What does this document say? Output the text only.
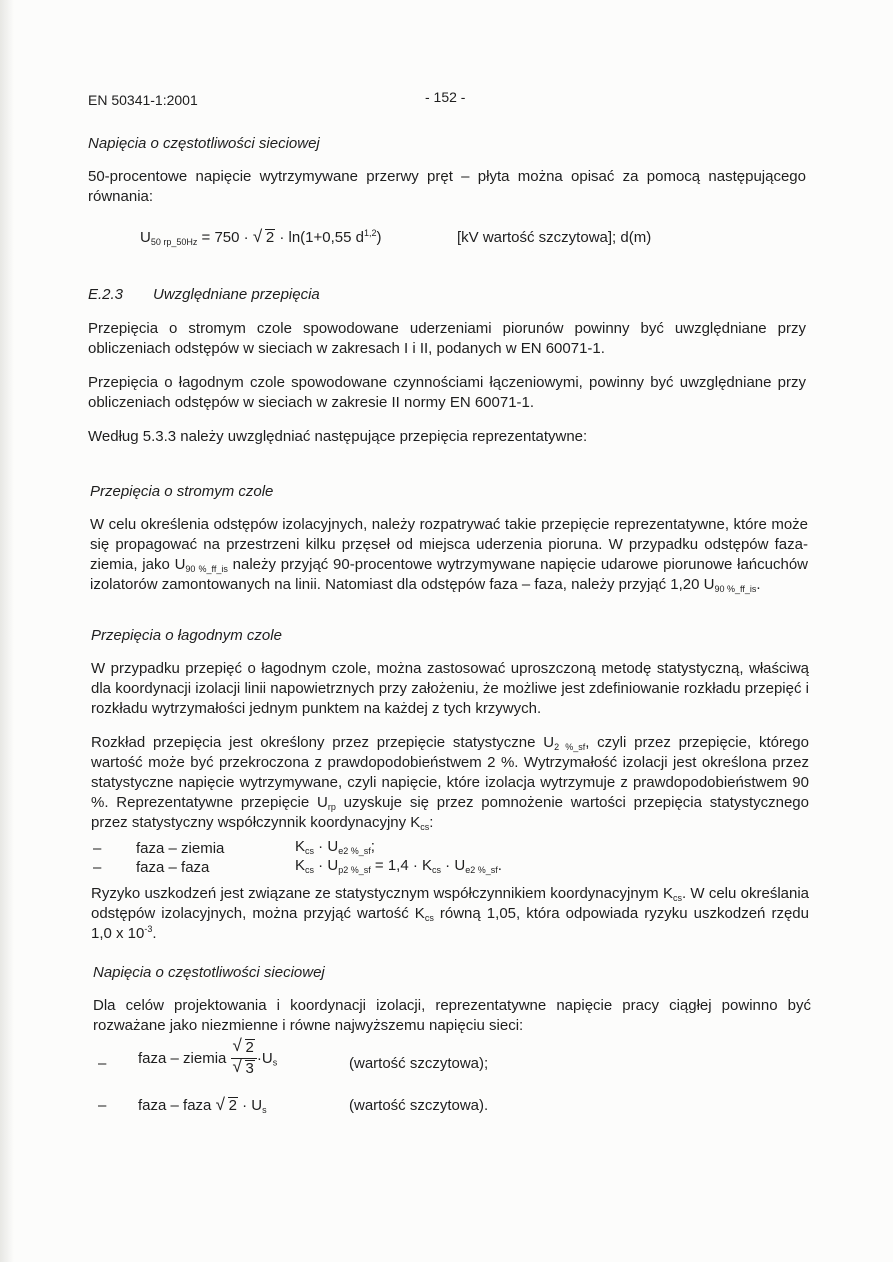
EN 50341-1:2001	- 152 -
Napięcia o częstotliwości sieciowej

50-procentowe napięcie wytrzymywane przerwy pręt – płyta można opisać za pomocą następującego równania:

$U_{50 rp\_50Hz} = 750$ · √ 2 · ln(1+0,55 $d^{1,2}$)	[kV wartość szczytowa]; d(m)
E.2.3 Uwzględniane przepięcia

Przepięcia o stromym czole spowodowane uderzeniami piorunów powinny być uwzględniane przy obliczeniach odstępów w sieciach w zakresach I i II, podanych w EN 60071-1.

Przepięcia o łagodnym czole spowodowane czynnościami łączeniowymi, powinny być uwzględniane przy obliczeniach odstępów w sieciach w zakresie II normy EN 60071-1.

Według 5.3.3 należy uwzględniać następujące przepięcia reprezentatywne:

Przepięcia o stromym czole

W celu określenia odstępów izolacyjnych, należy rozpatrywać takie przepięcie reprezentatywne, które może się propagować na przestrzeni kilku przęseł od miejsca uderzenia pioruna. W przypadku odstępów faza-ziemia, jako $U_{90 \%\_ff\_is}$ należy przyjąć 90-procentowe wytrzymywane napięcie udarowe piorunowe łańcuchów izolatorów zamontowanych na linii. Natomiast dla odstępów faza – faza, należy przyjąć 1,20 $U_{90 \%\_ff\_is}$.

Przepięcia o łagodnym czole

W przypadku przepięć o łagodnym czole, można zastosować uproszczoną metodę statystyczną, właściwą dla koordynacji izolacji linii napowietrznych przy założeniu, że możliwe jest zdefiniowanie rozkładu przepięć i rozkładu wytrzymałości jednym punktem na każdej z tych krzywych.

Rozkład przepięcia jest określony przez przepięcie statystyczne $U_{2 \%\_sf}$, czyli przez przepięcie, którego wartość może być przekroczona z prawdopodobieństwem 2 %. Wytrzymałość izolacji jest określona przez statystyczne napięcie wytrzymywane, czyli napięcie, które izolacja wytrzymuje z prawdopodobieństwem 90 %. Reprezentatywne przepięcie $U_{rp}$ uzyskuje się przez pomnożenie wartości przepięcia statystycznego przez statystyczny współczynnik koordynacyjny $K_{cs}$:

– faza – ziemia	$K_{cs} \cdot U_{e2 \%\_sf}$;
– faza – faza	$K_{cs} \cdot U_{p2 \%\_sf} = 1,4 \cdot K_{cs} \cdot U_{e2 \%\_sf}$.

Ryzyko uszkodzeń jest związane ze statystycznym współczynnikiem koordynacyjnym $K_{cs}$. W celu określania odstępów izolacyjnych, można przyjąć wartość $K_{cs}$ równą 1,05, która odpowiada ryzyku uszkodzeń rzędu 1,0 x $10^{-3}$.

Napięcia o częstotliwości sieciowej

Dla celów projektowania i koordynacji izolacji, reprezentatywne napięcie pracy ciągłej powinno być rozważane jako niezmienne i równe najwyższemu napięciu sieci:

– faza – ziemia $\frac{√ 2}{√ 3} \cdot U_s$	(wartość szczytowa);
– faza – faza √ $2 \cdot U_s$	(wartość szczytowa).
